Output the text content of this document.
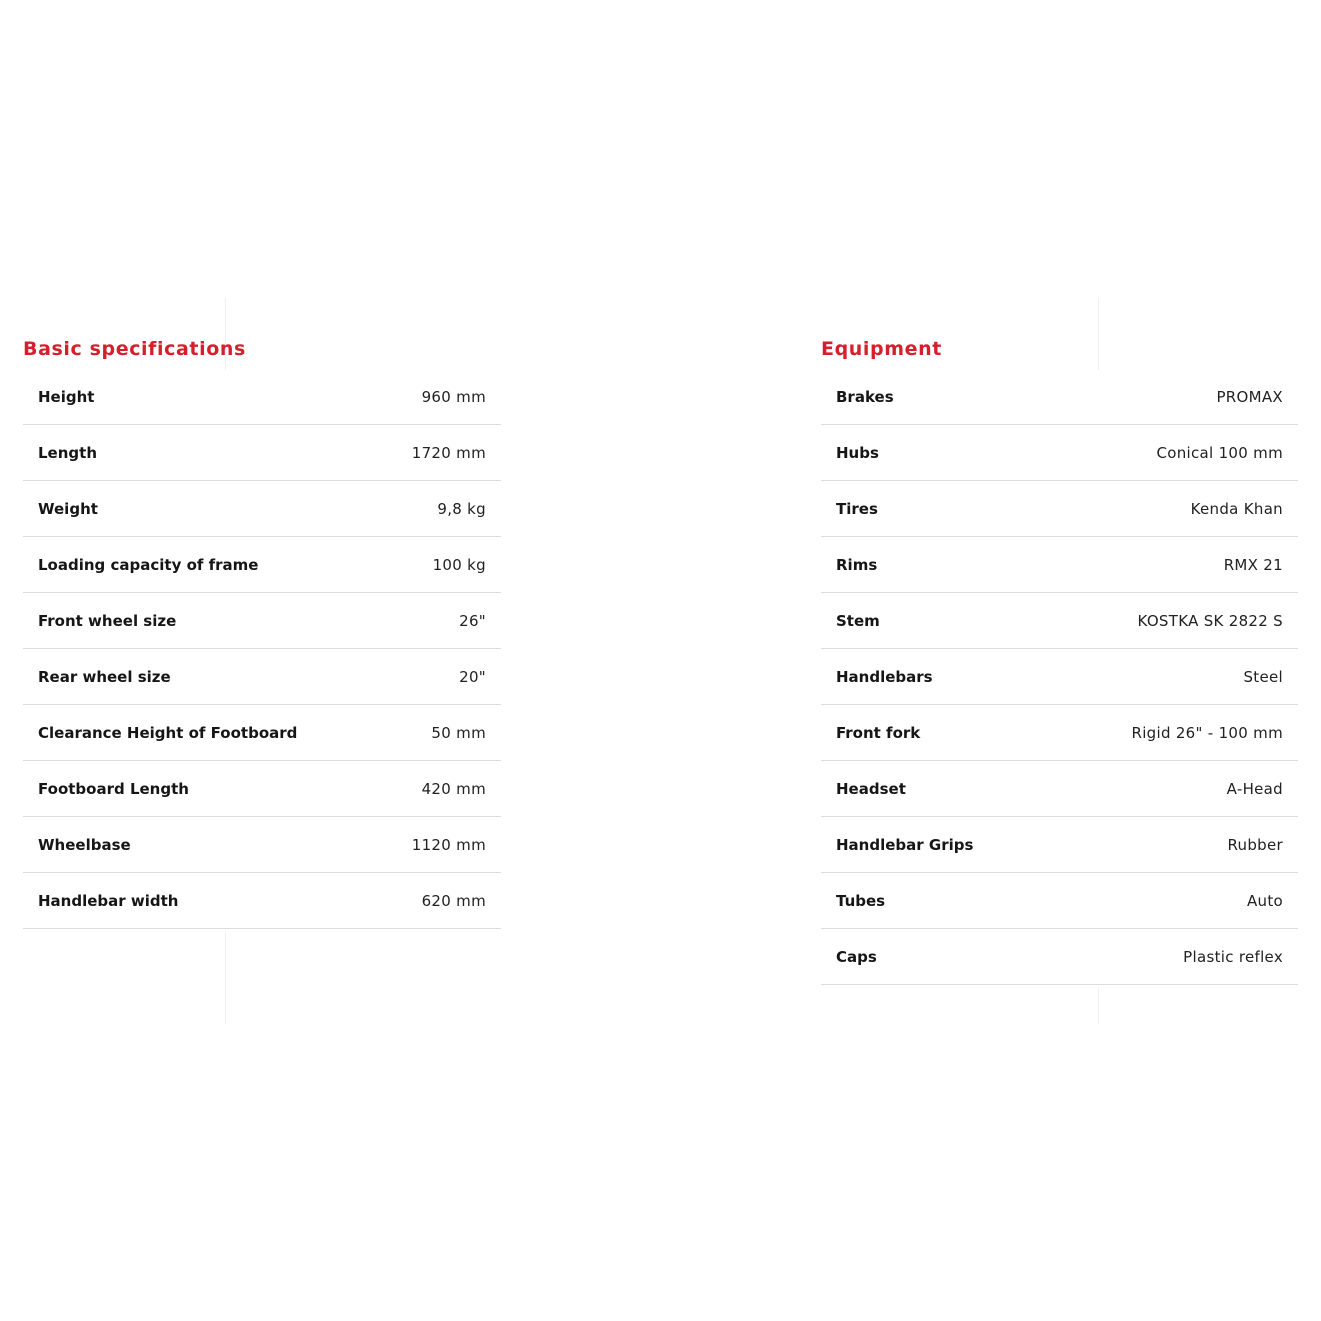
Basic specifications
Height	960 mm
Length	1720 mm
Weight	9,8 kg
Loading capacity of frame	100 kg
Front wheel size	26"
Rear wheel size	20"
Clearance Height of Footboard	50 mm
Footboard Length	420 mm
Wheelbase	1120 mm
Handlebar width	620 mm
Equipment
Brakes	PROMAX
Hubs	Conical 100 mm
Tires	Kenda Khan
Rims	RMX 21
Stem	KOSTKA SK 2822 S
Handlebars	Steel
Front fork	Rigid 26" - 100 mm
Headset	A-Head
Handlebar Grips	Rubber
Tubes	Auto
Caps	Plastic reflex
